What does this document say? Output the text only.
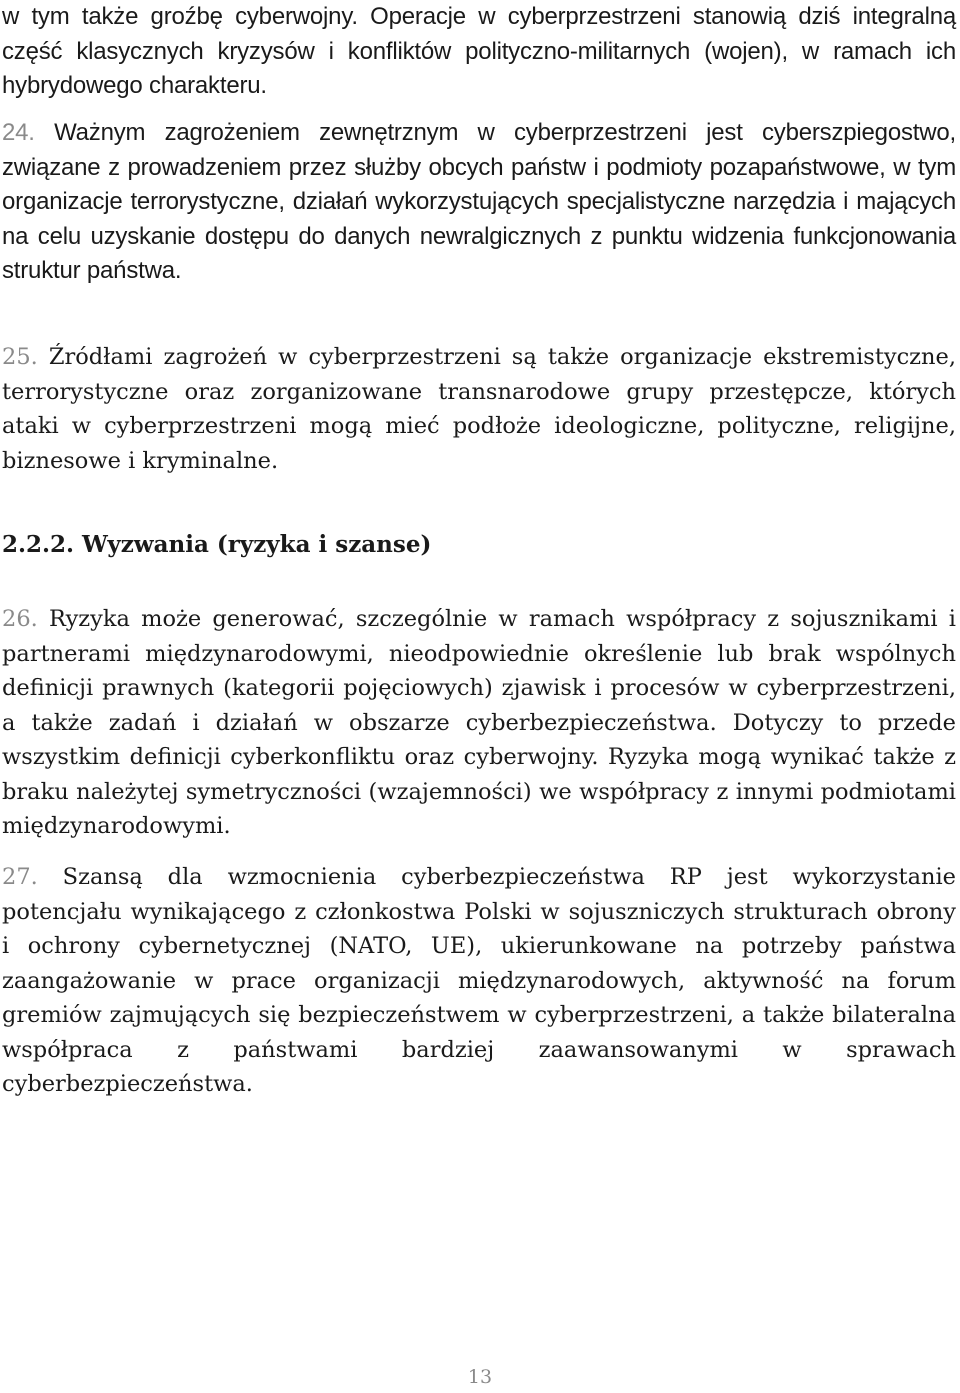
w tym także groźbę cyberwojny. Operacje w cyberprzestrzeni stanowią dziś integralną część klasycznych kryzysów i konfliktów polityczno-militarnych (wojen), w ramach ich hybrydowego charakteru.

24. Ważnym zagrożeniem zewnętrznym w cyberprzestrzeni jest cyberszpiegostwo, związane z prowadzeniem przez służby obcych państw i podmioty pozapaństwowe, w tym organizacje terrorystyczne, działań wykorzystujących specjalistyczne narzędzia i mających na celu uzyskanie dostępu do danych newralgicznych z punktu widzenia funkcjonowania struktur państwa.

25. Źródłami zagrożeń w cyberprzestrzeni są także organizacje ekstremistyczne, terrorystyczne oraz zorganizowane transnarodowe grupy przestępcze, których ataki w cyberprzestrzeni mogą mieć podłoże ideologiczne, polityczne, religijne, biznesowe i kryminalne.

2.2.2. Wyzwania (ryzyka i szanse)

26. Ryzyka może generować, szczególnie w ramach współpracy z sojusznikami i partnerami międzynarodowymi, nieodpowiednie określenie lub brak wspólnych definicji prawnych (kategorii pojęciowych) zjawisk i procesów w cyberprzestrzeni, a także zadań i działań w obszarze cyberbezpieczeństwa. Dotyczy to przede wszystkim definicji cyberkonfliktu oraz cyberwojny. Ryzyka mogą wynikać także z braku należytej symetryczności (wzajemności) we współpracy z innymi podmiotami międzynarodowymi.

27. Szansą dla wzmocnienia cyberbezpieczeństwa RP jest wykorzystanie potencjału wynikającego z członkostwa Polski w sojuszniczych strukturach obrony i ochrony cybernetycznej (NATO, UE), ukierunkowane na potrzeby państwa zaangażowanie w prace organizacji międzynarodowych, aktywność na forum gremiów zajmujących się bezpieczeństwem w cyberprzestrzeni, a także bilateralna współpraca z państwami bardziej zaawansowanymi w sprawach cyberbezpieczeństwa.

13
